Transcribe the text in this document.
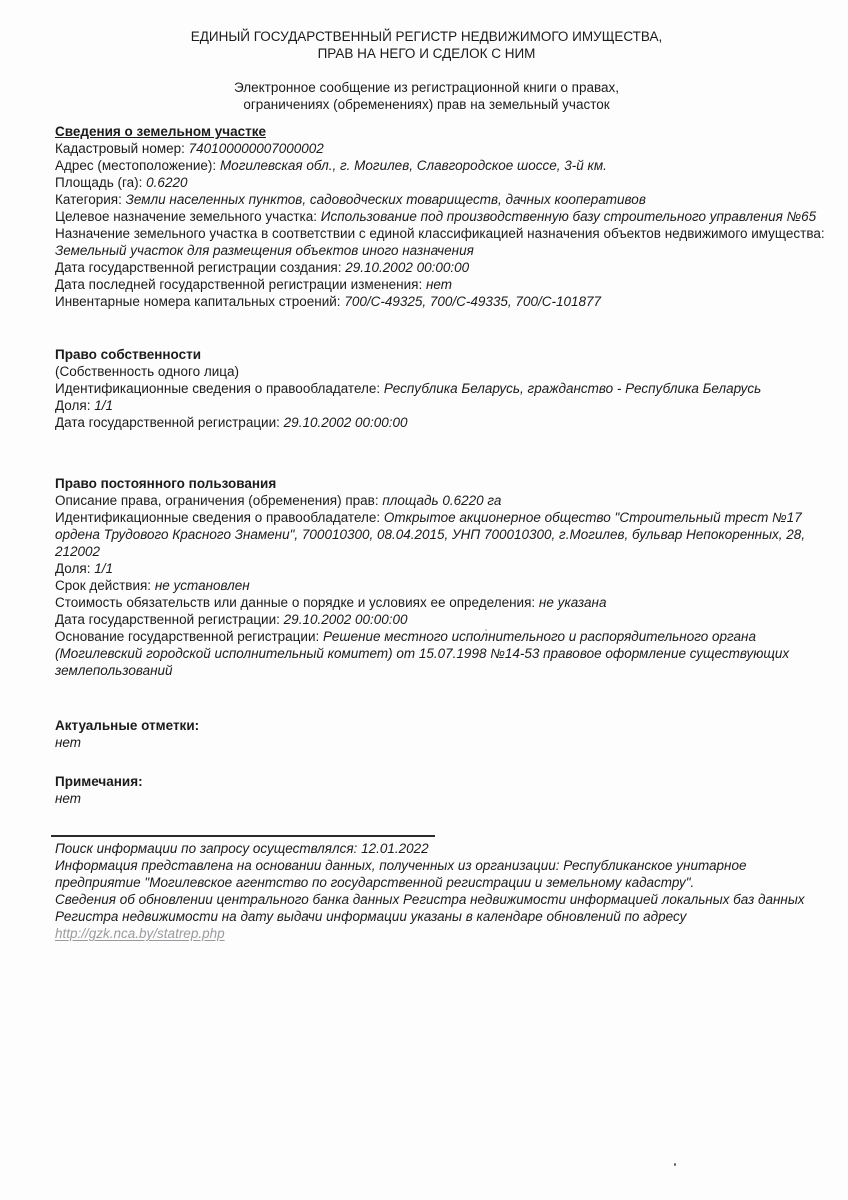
ЕДИНЫЙ ГОСУДАРСТВЕННЫЙ РЕГИСТР НЕДВИЖИМОГО ИМУЩЕСТВА,
ПРАВ НА НЕГО И СДЕЛОК С НИМ
Электронное сообщение из регистрационной книги о правах,
ограничениях (обременениях) прав на земельный участок
Сведения о земельном участке
Кадастровый номер: 740100000007000002
Адрес (местоположение): Могилевская обл., г. Могилев, Славгородское шоссе, 3-й км.
Площадь (га): 0.6220
Категория: Земли населенных пунктов, садоводческих товариществ, дачных кооперативов
Целевое назначение земельного участка: Использование под производственную базу строительного управления №65
Назначение земельного участка в соответствии с единой классификацией назначения объектов недвижимого имущества: Земельный участок для размещения объектов иного назначения
Дата государственной регистрации создания: 29.10.2002 00:00:00
Дата последней государственной регистрации изменения: нет
Инвентарные номера капитальных строений: 700/С-49325, 700/С-49335, 700/С-101877
Право собственности
(Собственность одного лица)
Идентификационные сведения о правообладателе: Республика Беларусь, гражданство - Республика Беларусь
Доля: 1/1
Дата государственной регистрации: 29.10.2002 00:00:00
Право постоянного пользования
Описание права, ограничения (обременения) прав: площадь 0.6220 га
Идентификационные сведения о правообладателе: Открытое акционерное общество "Строительный трест №17 ордена Трудового Красного Знамени", 700010300, 08.04.2015, УНП 700010300, г.Могилев, бульвар Непокоренных, 28, 212002
Доля: 1/1
Срок действия: не установлен
Стоимость обязательств или данные о порядке и условиях ее определения: не указана
Дата государственной регистрации: 29.10.2002 00:00:00
Основание государственной регистрации: Решение местного исполнительного и распорядительного органа (Могилевский городской исполнительный комитет) от 15.07.1998 №14-53 правовое оформление существующих землепользований
Актуальные отметки:
нет
Примечания:
нет
Поиск информации по запросу осуществлялся: 12.01.2022
Информация представлена на основании данных, полученных из организации: Республиканское унитарное предприятие "Могилевское агентство по государственной регистрации и земельному кадастру".
Сведения об обновлении центрального банка данных Регистра недвижимости информацией локальных баз данных Регистра недвижимости на дату выдачи информации указаны в календаре обновлений по адресу
http://gzk.nca.by/statrep.php
